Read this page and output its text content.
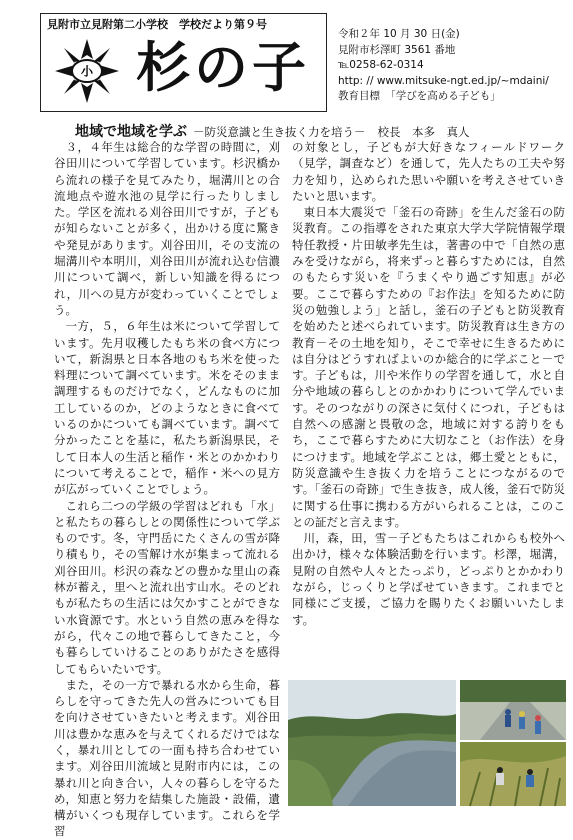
見附市立見附第二小学校　学校だより第９号
小 杉の子
令和２年 10 月 30 日(金)
見附市杉澤町 3561 番地
℡0258-62-0314
http: // www.mitsuke-ngt.ed.jp/~mdaini/
教育目標　「学びを高める子ども」
地域で地域を学ぶ －防災意識と生き抜く力を培う－ 校長　本多　真人

３，４年生は総合的な学習の時間に，刈谷田川について学習しています。杉沢橋から流れの様子を見てみたり，堀溝川との合流地点や遊水池の見学に行ったりしました。学区を流れる刈谷田川ですが，子どもが知らないことが多く，出かける度に驚きや発見があります。刈谷田川，その支流の堀溝川や本明川，刈谷田川が流れ込む信濃川について調べ，新しい知識を得るにつれ，川への見方が変わっていくことでしょう。

一方，５，６年生は米について学習しています。先月収穫したもち米の食べ方について，新潟県と日本各地のもち米を使った料理について調べています。米をそのまま調理するものだけでなく，どんなものに加工しているのか，どのようなときに食べているのかについても調べています。調べて分かったことを基に，私たち新潟県民，そして日本人の生活と稲作・米とのかかわりについて考えることで，稲作・米への見方が広がっていくことでしょう。

これら二つの学級の学習はどれも「水」と私たちの暮らしとの関係性について学ぶものです。冬，守門岳にたくさんの雪が降り積もり，その雪解け水が集まって流れる刈谷田川。杉沢の森などの豊かな里山の森林が蓄え，里へと流れ出す山水。そのどれもが私たちの生活には欠かすことができない水資源です。水という自然の恵みを得ながら，代々この地で暮らしてきたこと，今も暮らしていけることのありがたさを感得してもらいたいです。

また，その一方で暴れる水から生命，暮らしを守ってきた先人の営みについても目を向けさせていきたいと考えます。刈谷田川は豊かな恵みを与えてくれるだけではなく，暴れ川としての一面も持ち合わせています。刈谷田川流域と見附市内には，この暴れ川と向き合い，人々の暮らしを守るため，知恵と努力を結集した施設・設備，遺構がいくつも現存しています。これらを学習

の対象とし，子どもが大好きなフィールドワーク（見学，調査など）を通して，先人たちの工夫や努力を知り，込められた思いや願いを考えさせていきたいと思います。

東日本大震災で「釜石の奇跡」を生んだ釜石の防災教育。この指導をされた東京大学大学院情報学環特任教授・片田敏孝先生は，著書の中で「自然の恵みを受けながら，将来ずっと暮らすためには，自然のもたらす災いを『うまくやり過ごす知恵』が必要。ここで暮らすための『お作法』を知るために防災の勉強しよう」と話し，釜石の子どもと防災教育を始めたと述べられています。防災教育は生き方の教育－その土地を知り，そこで幸せに生きるためには自分はどうすればよいのか総合的に学ぶこと－です。子どもは，川や米作りの学習を通して，水と自分や地域の暮らしとのかかわりについて学んでいます。そのつながりの深さに気付くにつれ，子どもは自然への感謝と畏敬の念，地域に対する誇りをもち，ここで暮らすために大切なこと（お作法）を身につけます。地域を学ぶことは，郷土愛とともに，防災意識や生き抜く力を培うことにつながるのです。「釜石の奇跡」で生き抜き，成人後，釜石で防災に関する仕事に携わる方がいられることは，このことの証だと言えます。

川，森，田，雪－子どもたちはこれからも校外へ出かけ，様々な体験活動を行います。杉澤，堀溝，見附の自然や人々とたっぷり，どっぷりとかかわりながら，じっくりと学ばせていきます。これまでと同様にご支援，ご協力を賜りたくお願いいたします。
